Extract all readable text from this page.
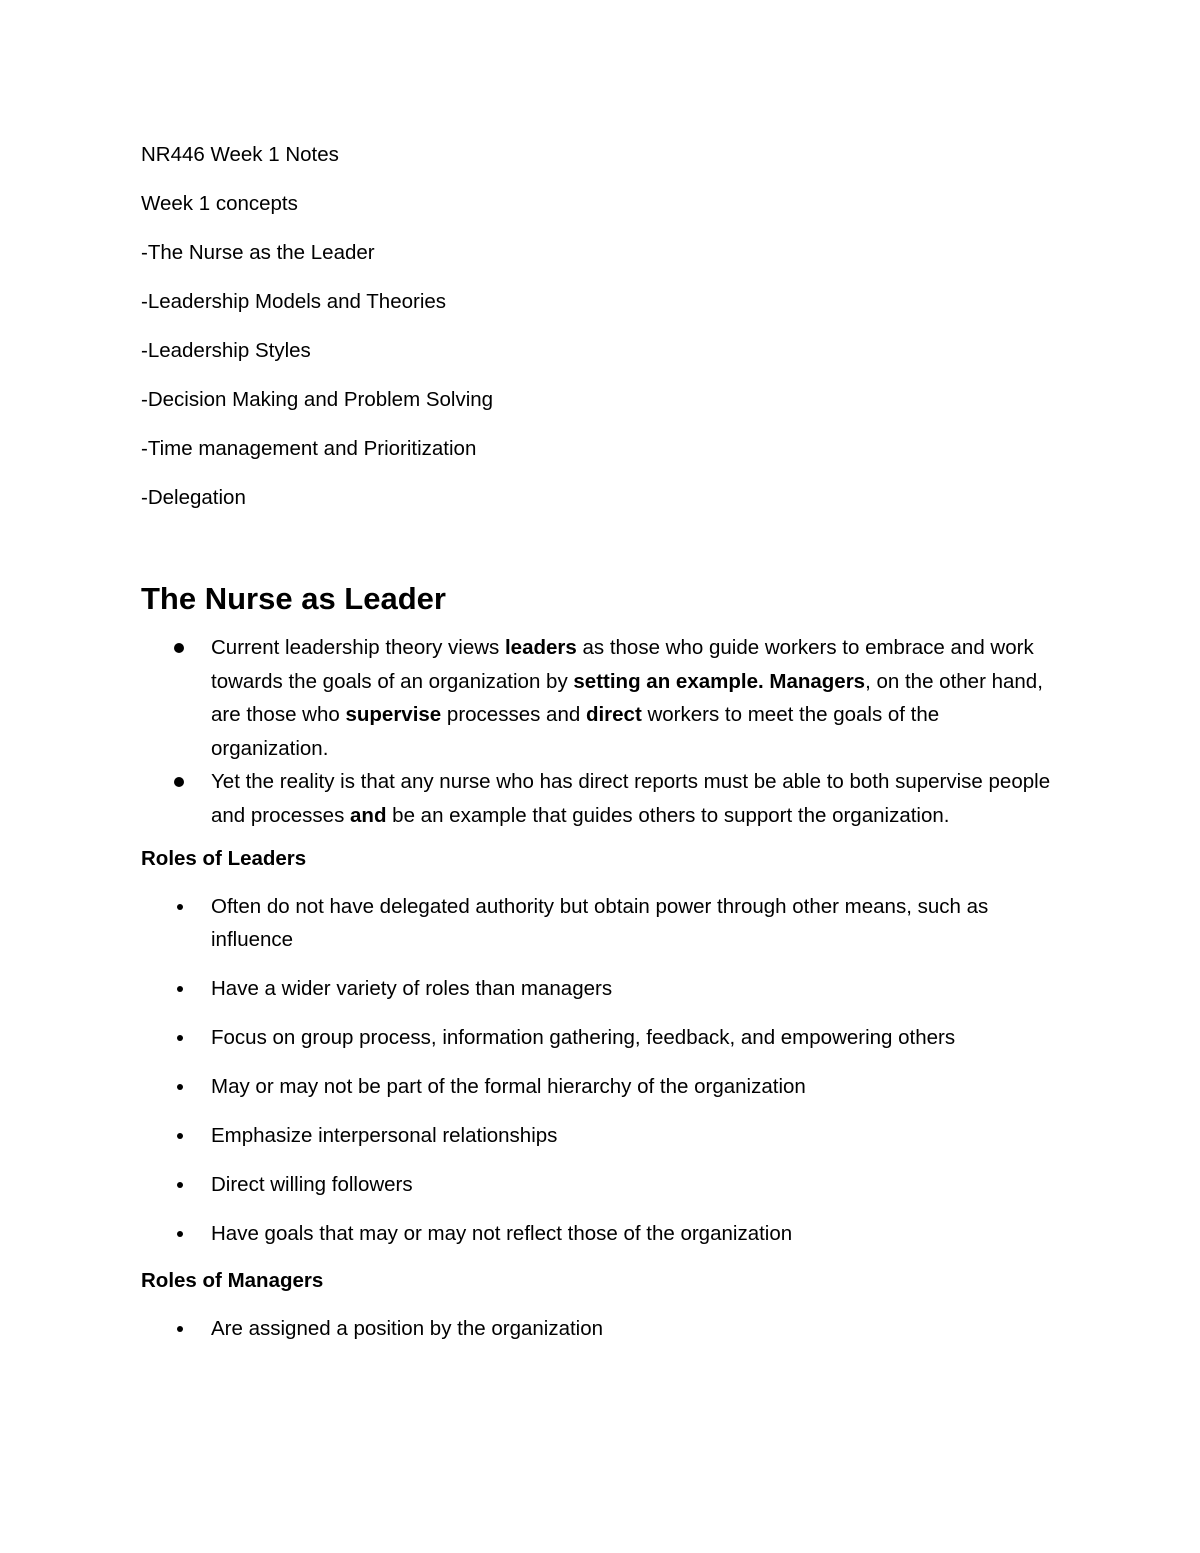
NR446 Week 1 Notes
Week 1 concepts
-The Nurse as the Leader
-Leadership Models and Theories
-Leadership Styles
-Decision Making and Problem Solving
-Time management and Prioritization
-Delegation
The Nurse as Leader
Current leadership theory views leaders as those who guide workers to embrace and work towards the goals of an organization by setting an example. Managers, on the other hand, are those who supervise processes and direct workers to meet the goals of the organization.
Yet the reality is that any nurse who has direct reports must be able to both supervise people and processes and be an example that guides others to support the organization.
Roles of Leaders
Often do not have delegated authority but obtain power through other means, such as influence
Have a wider variety of roles than managers
Focus on group process, information gathering, feedback, and empowering others
May or may not be part of the formal hierarchy of the organization
Emphasize interpersonal relationships
Direct willing followers
Have goals that may or may not reflect those of the organization
Roles of Managers
Are assigned a position by the organization
